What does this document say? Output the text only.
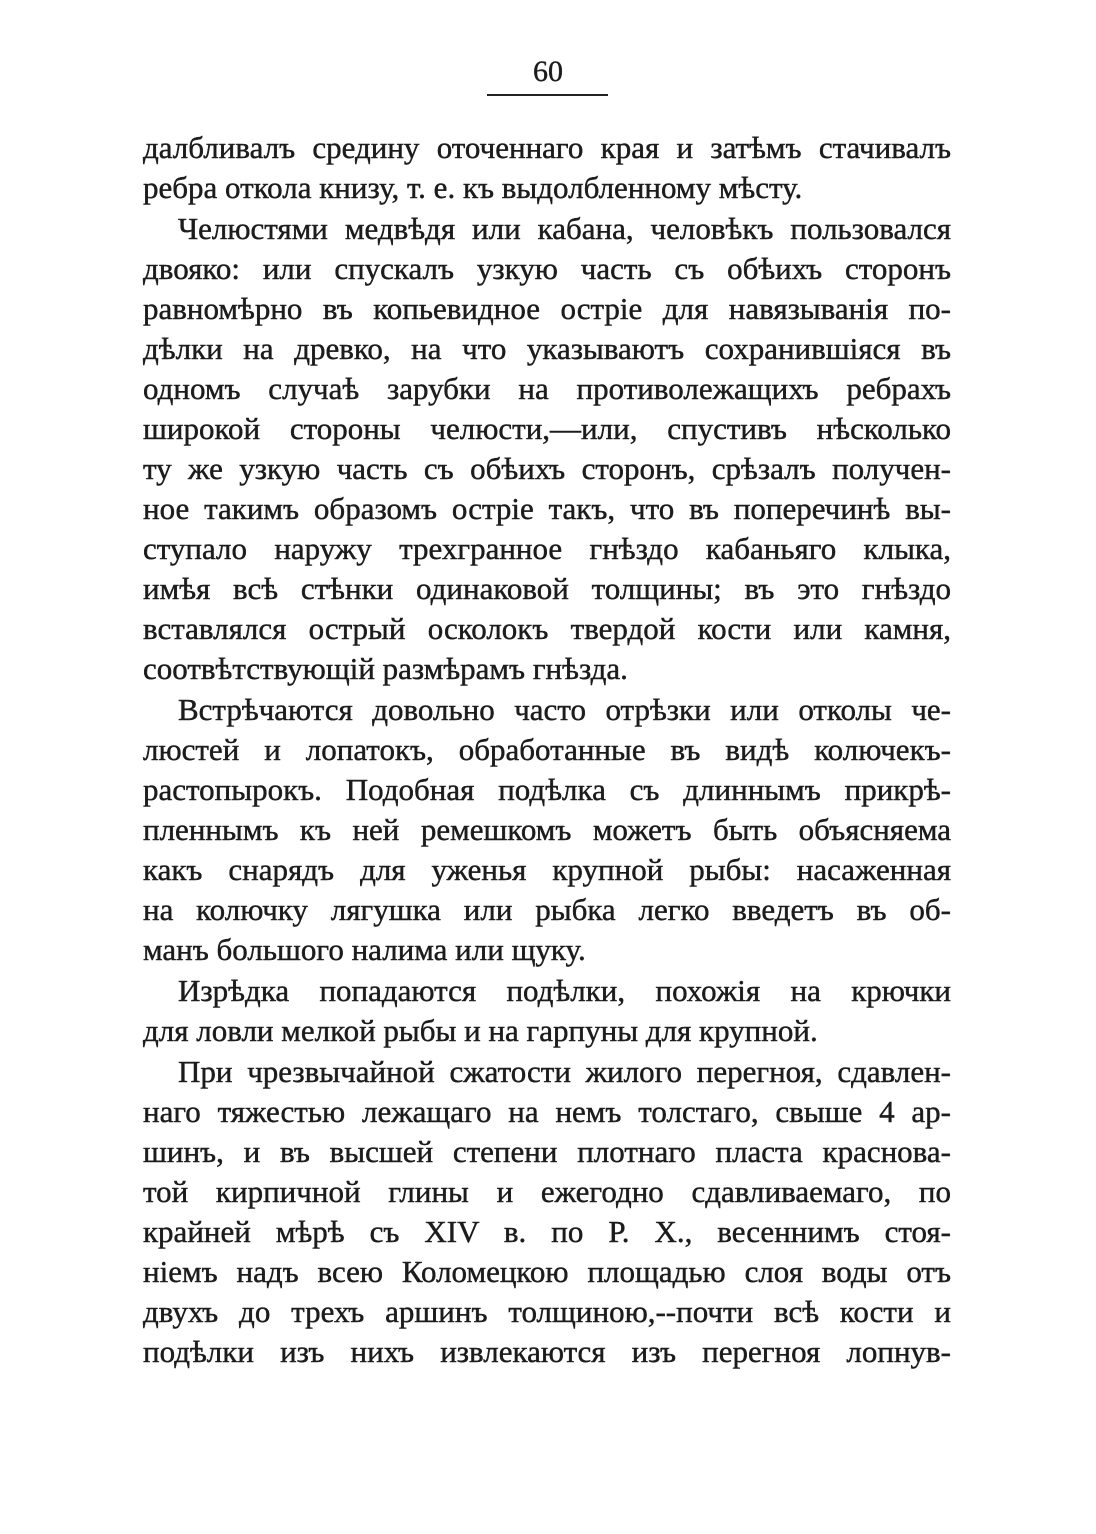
60
далбливалъ средину оточеннаго края и затѣмъ стачивалъ
ребра откола книзу, т. е. къ выдолбленному мѣсту.
Челюстями медвѣдя или кабана, человѣкъ пользовался
двояко: или спускалъ узкую часть съ обѣихъ сторонъ
равномѣрно въ копьевидное остріе для навязыванія по-
дѣлки на древко, на что указываютъ сохранившіяся въ
одномъ случаѣ зарубки на противолежащихъ ребрахъ
широкой стороны челюсти,—или, спустивъ нѣсколько
ту же узкую часть съ обѣихъ сторонъ, срѣзалъ получен-
ное такимъ образомъ остріе такъ, что въ поперечинѣ вы-
ступало наружу трехгранное гнѣздо кабаньяго клыка,
имѣя всѣ стѣнки одинаковой толщины; въ это гнѣздо
вставлялся острый осколокъ твердой кости или камня,
соотвѣтствующій размѣрамъ гнѣзда.
Встрѣчаются довольно часто отрѣзки или отколы че-
люстей и лопатокъ, обработанные въ видѣ колючекъ-
растопырокъ. Подобная подѣлка съ длиннымъ прикрѣ-
пленнымъ къ ней ремешкомъ можетъ быть объясняема
какъ снарядъ для уженья крупной рыбы: насаженная
на колючку лягушка или рыбка легко введетъ въ об-
манъ большого налима или щуку.
Изрѣдка попадаются подѣлки, похожія на крючки
для ловли мелкой рыбы и на гарпуны для крупной.
При чрезвычайной сжатости жилого перегноя, сдавлен-
наго тяжестью лежащаго на немъ толстаго, свыше 4 ар-
шинъ, и въ высшей степени плотнаго пласта краснова-
той кирпичной глины и ежегодно сдавливаемаго, по
крайней мѣрѣ съ XIV в. по Р. Х., весеннимъ стоя-
ніемъ надъ всею Коломецкою площадью слоя воды отъ
двухъ до трехъ аршинъ толщиною,--почти всѣ кости и
подѣлки изъ нихъ извлекаются изъ перегноя лопнув-
